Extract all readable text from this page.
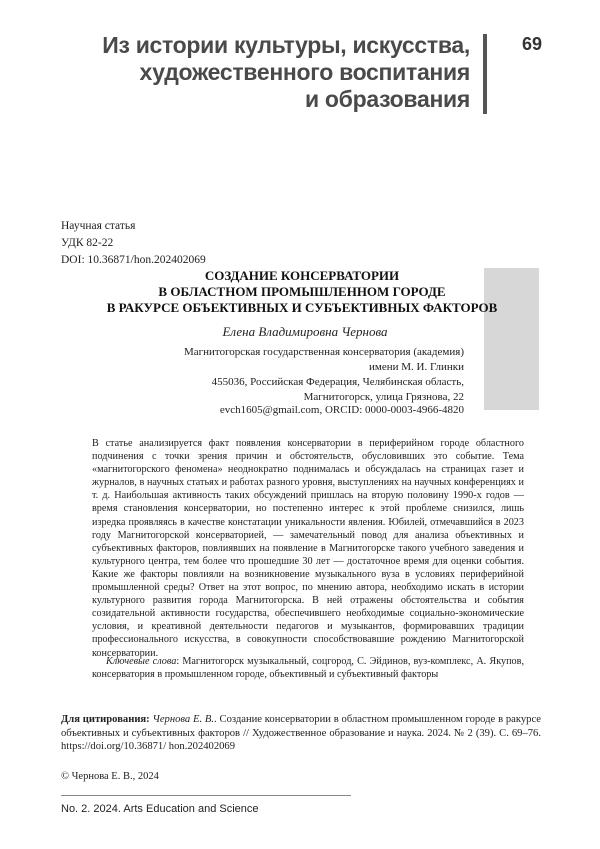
Из истории культуры, искусства,
художественного воспитания
и образования
69
Научная статья
УДК 82-22
DOI: 10.36871/hon.202402069
СОЗДАНИЕ КОНСЕРВАТОРИИ
В ОБЛАСТНОМ ПРОМЫШЛЕННОМ ГОРОДЕ
В РАКУРСЕ ОБЪЕКТИВНЫХ И СУБЪЕКТИВНЫХ ФАКТОРОВ
Елена Владимировна Чернова
Магнитогорская государственная консерватория (академия)
имени М. И. Глинки
455036, Российская Федерация, Челябинская область,
Магнитогорск, улица Грязнова, 22
evch1605@gmail.com, ORCID: 0000-0003-4966-4820
В статье анализируется факт появления консерватории в периферийном городе областного подчинения с точки зрения причин и обстоятельств, обусловивших это событие. Тема «магнитогорского феномена» неоднократно поднималась и обсуждалась на страницах газет и журналов, в научных статьях и работах разного уровня, выступлениях на научных конференциях и т. д. Наибольшая активность таких обсуждений пришлась на вторую половину 1990-х годов — время становления консерватории, но постепенно интерес к этой проблеме снизился, лишь изредка проявляясь в качестве констатации уникальности явления. Юбилей, отмечавшийся в 2023 году Магнитогорской консерваторией, — замечательный повод для анализа объективных и субъективных факторов, повлиявших на появление в Магнитогорске такого учебного заведения и культурного центра, тем более что прошедшие 30 лет — достаточное время для оценки события. Какие же факторы повлияли на возникновение музыкального вуза в условиях периферийной промышленной среды? Ответ на этот вопрос, по мнению автора, необходимо искать в истории культурного развития города Магнитогорска. В ней отражены обстоятельства и события созидательной активности государства, обеспечившего необходимые социально-экономические условия, и креативной деятельности педагогов и музыкантов, формировавших традиции профессионального искусства, в совокупности способствовавшие рождению Магнитогорской консерватории.
Ключевые слова: Магнитогорск музыкальный, соцгород, С. Эйдинов, вуз-комплекс, А. Якупов, консерватория в промышленном городе, объективный и субъективный факторы
Для цитирования: Чернова Е. В.. Создание консерватории в областном промышленном городе в ракурсе объективных и субъективных факторов // Художественное образование и наука. 2024. № 2 (39). С. 69–76. https://doi.org/10.36871/ hon.202402069
© Чернова Е. В., 2024
No. 2. 2024. Arts Education and Science
